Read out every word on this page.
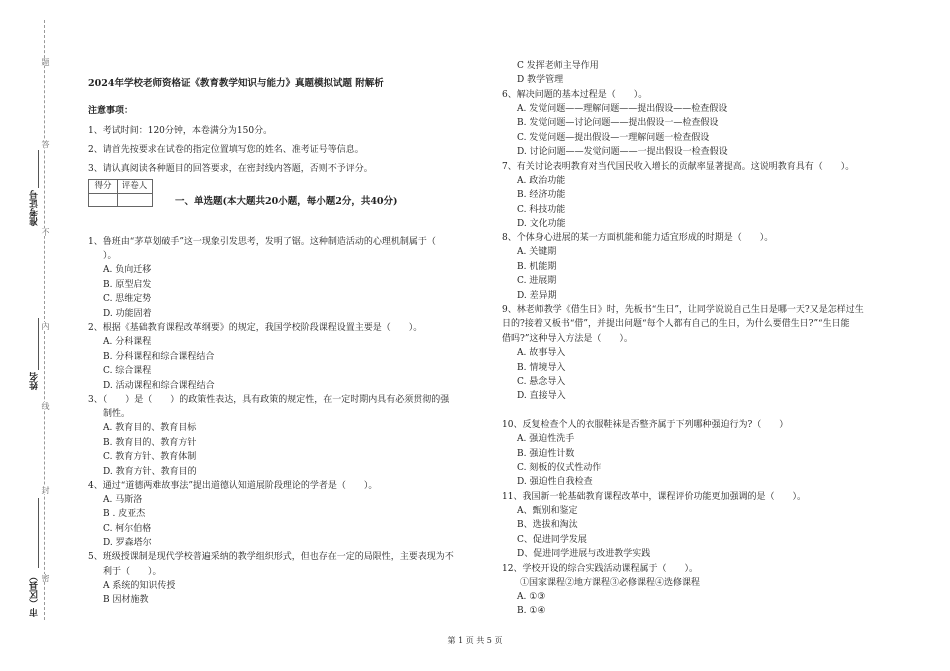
题
答
不
内
线
封
密
准考证号
姓名
市（区县）
2024年学校老师资格证《教育教学知识与能力》真题模拟试题 附解析
注意事项：
1、考试时间：120分钟，本卷满分为150分。
2、请首先按要求在试卷的指定位置填写您的姓名、准考证号等信息。
3、请认真阅读各种题目的回答要求，在密封线内答题，否则不予评分。
得分	评卷人
一、单选题(本大题共20小题，每小题2分，共40分)
1、鲁班由“茅草划破手”这一现象引发思考，发明了锯。这种制造活动的心理机制属于（
）。
A. 负向迁移
B. 原型启发
C. 思维定势
D. 功能固着
2、根据《基础教育课程改革纲要》的规定，我国学校阶段课程设置主要是（　　）。
A. 分科课程
B. 分科课程和综合课程结合
C. 综合课程
D. 活动课程和综合课程结合
3、（　　）是（　　）的政策性表达，具有政策的规定性，在一定时期内具有必须贯彻的强
制性。
A. 教育目的、教育目标
B. 教育目的、教育方针
C. 教育方针、教育体制
D. 教育方针、教育目的
4、通过“道德两难故事法”提出道德认知道展阶段理论的学者是（　　）。
A. 马斯洛
B . 皮亚杰
C. 柯尔伯格
D. 罗森塔尔
5、班级授课制是现代学校普遍采纳的教学组织形式，但也存在一定的局限性，主要表现为不
利于（　　）。
A 系统的知识传授
B 因材施教
C 发挥老师主导作用
D 教学管理
6、解决问题的基本过程是（　　）。
A. 发觉问题——理解问题——提出假设——检查假设
B. 发觉问题—讨论问题——提出假设一—检查假设
C. 发觉问题—提出假设—一理解问题一检查假设
D. 讨论问题——发觉问题——一提出假设一检查假设
7、有关讨论表明教育对当代国民收入增长的贡献率显著提高。这说明教育具有（　　）。
A. 政治功能
B. 经济功能
C. 科技功能
D. 文化功能
8、个体身心进展的某一方面机能和能力适宜形成的时期是（　　）。
A. 关键期
B. 机能期
C. 进展期
D. 差异期
9、林老师教学《借生日》时，先板书“生日”，让同学说说自己生日是哪一天?又是怎样过生
日的?接着又板书“借”，并提出问题“每个人都有自己的生日，为什么要借生日?”“生日能
借吗?”这种导入方法是（　　）。
A. 故事导入
B. 情境导入
C. 悬念导入
D. 直接导入
10、反复检查个人的衣服鞋袜是否整齐属于下列哪种强迫行为?（　　）
A. 强迫性洗手
B. 强迫性计数
C. 刻板的仪式性动作
D. 强迫性自我检查
11、我国新一轮基础教育课程改革中，课程评价功能更加强调的是（　　）。
A、甄别和鉴定
B、选拔和淘汰
C、促进同学发展
D、促进同学进展与改进教学实践
12、学校开设的综合实践活动课程属于（　　）。
①国家课程②地方课程③必修课程④选修课程
A. ①③
B. ①④
第 1 页 共 5 页
